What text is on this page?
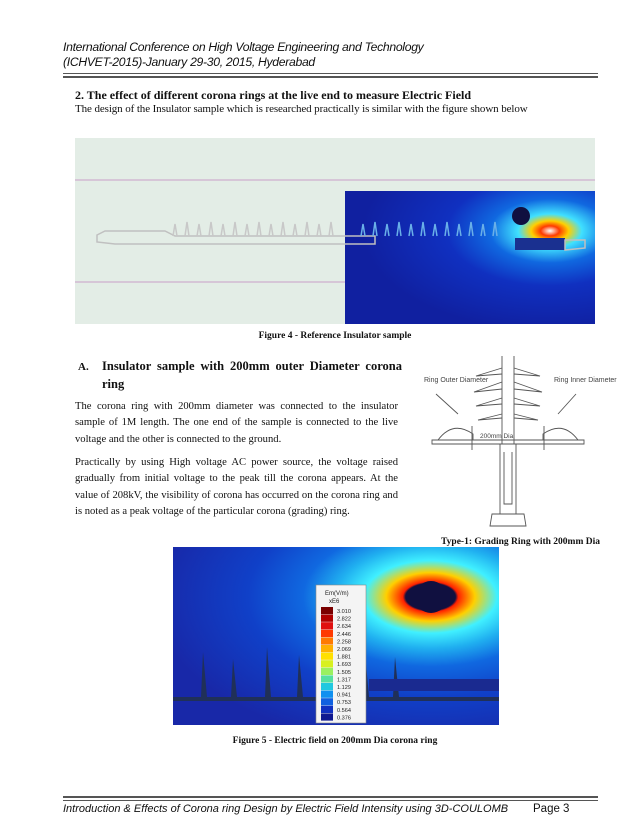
International Conference on High Voltage Engineering and Technology
(ICHVET-2015)-January 29-30, 2015, Hyderabad
2. The effect of different corona rings at the live end to measure Electric Field
The design of the Insulator sample which is researched practically is similar with the figure shown below
Figure 4 - Reference Insulator sample
A. Insulator sample with 200mm outer Diameter corona ring
The corona ring with 200mm diameter was connected to the insulator sample of 1M length. The one end of the sample is connected to the live voltage and the other is connected to the ground.
Practically by using High voltage AC power source, the voltage raised gradually from initial voltage to the peak till the corona appears. At the value of 208kV, the visibility of corona has occurred on the corona ring and is noted as a peak voltage of the particular corona (grading) ring.
Ring Outer Diameter	Ring Inner Diameter
200mm Dia
Type-1: Grading Ring with 200mm Dia
Em(V/m)
xE6
3.010
2.822
2.634
2.446
2.258
2.069
1.881
1.693
1.505
1.317
1.129
0.941
0.753
0.564
0.376
Figure 5 - Electric field on 200mm Dia corona ring
Introduction & Effects of Corona ring Design by Electric Field Intensity using 3D-COULOMB Page 3
